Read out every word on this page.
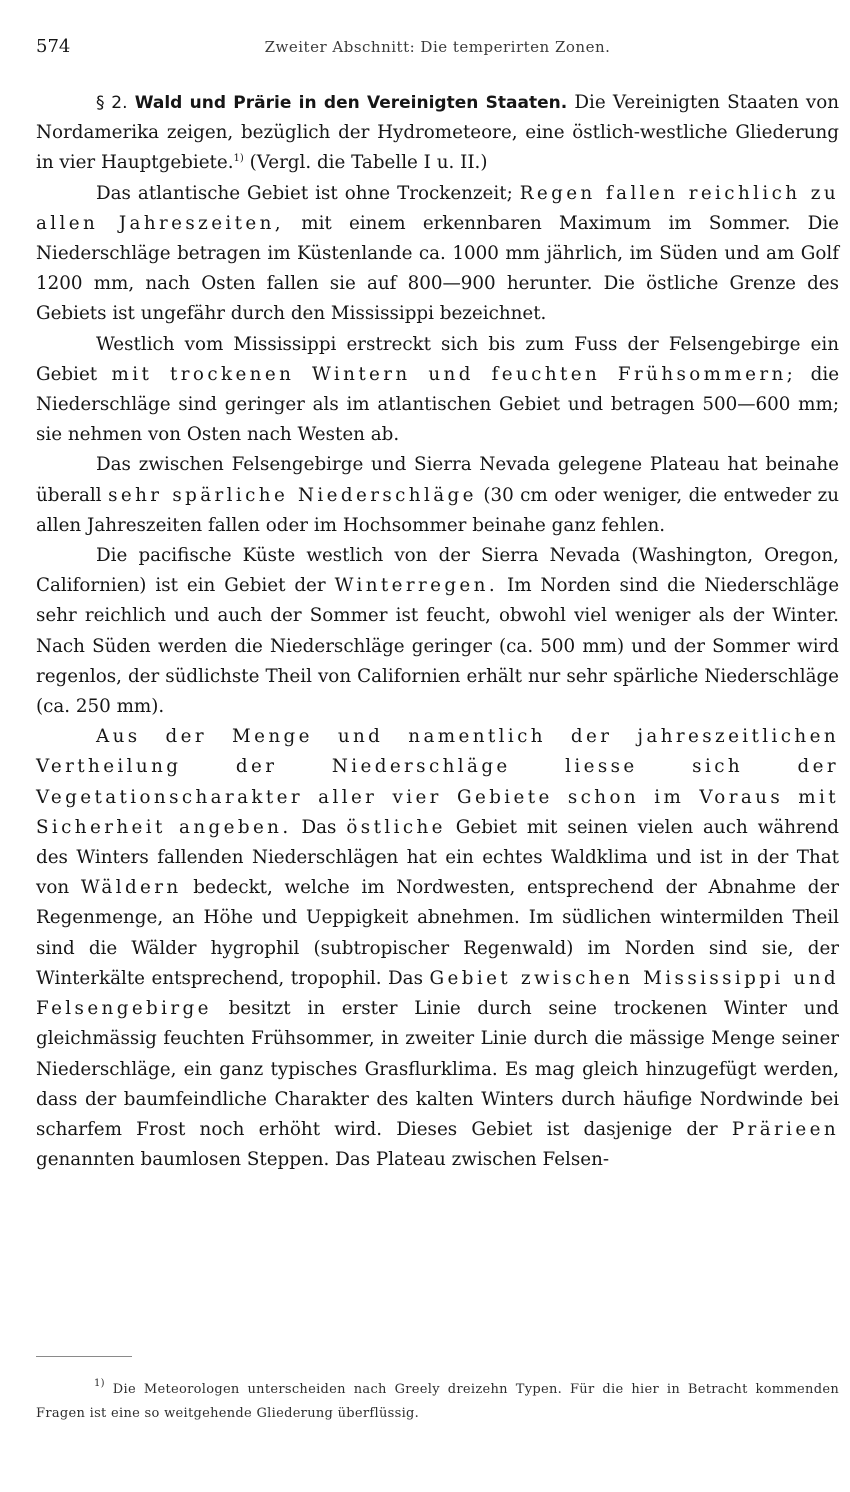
574	Zweiter Abschnitt: Die temperirten Zonen.

§ 2. Wald und Prärie in den Vereinigten Staaten. Die Vereinigten Staaten von Nordamerika zeigen, bezüglich der Hydrometeore, eine östlich-westliche Gliederung in vier Hauptgebiete.$^{1)}$ (Vergl. die Tabelle I u. II.)

Das atlantische Gebiet ist ohne Trockenzeit; Regen fallen reichlich zu allen Jahreszeiten, mit einem erkennbaren Maximum im Sommer. Die Niederschläge betragen im Küstenlande ca. 1000 mm jährlich, im Süden und am Golf 1200 mm, nach Osten fallen sie auf 800—900 herunter. Die östliche Grenze des Gebiets ist ungefähr durch den Mississippi bezeichnet.

Westlich vom Mississippi erstreckt sich bis zum Fuss der Felsengebirge ein Gebiet mit trockenen Wintern und feuchten Frühsommern; die Niederschläge sind geringer als im atlantischen Gebiet und betragen 500—600 mm; sie nehmen von Osten nach Westen ab.

Das zwischen Felsengebirge und Sierra Nevada gelegene Plateau hat beinahe überall sehr spärliche Niederschläge (30 cm oder weniger, die entweder zu allen Jahreszeiten fallen oder im Hochsommer beinahe ganz fehlen.

Die pacifische Küste westlich von der Sierra Nevada (Washington, Oregon, Californien) ist ein Gebiet der Winterregen. Im Norden sind die Niederschläge sehr reichlich und auch der Sommer ist feucht, obwohl viel weniger als der Winter. Nach Süden werden die Niederschläge geringer (ca. 500 mm) und der Sommer wird regenlos, der südlichste Theil von Californien erhält nur sehr spärliche Niederschläge (ca. 250 mm).

Aus der Menge und namentlich der jahreszeitlichen Vertheilung der Niederschläge liesse sich der Vegetationscharakter aller vier Gebiete schon im Voraus mit Sicherheit angeben. Das östliche Gebiet mit seinen vielen auch während des Winters fallenden Niederschlägen hat ein echtes Waldklima und ist in der That von Wäldern bedeckt, welche im Nordwesten, entsprechend der Abnahme der Regenmenge, an Höhe und Ueppigkeit abnehmen. Im südlichen wintermilden Theil sind die Wälder hygrophil (subtropischer Regenwald) im Norden sind sie, der Winterkälte entsprechend, tropophil. Das Gebiet zwischen Mississippi und Felsengebirge besitzt in erster Linie durch seine trockenen Winter und gleichmässig feuchten Frühsommer, in zweiter Linie durch die mässige Menge seiner Niederschläge, ein ganz typisches Grasflurklima. Es mag gleich hinzugefügt werden, dass der baumfeindliche Charakter des kalten Winters durch häufige Nordwinde bei scharfem Frost noch erhöht wird. Dieses Gebiet ist dasjenige der Prärieen genannten baumlosen Steppen. Das Plateau zwischen Felsen-

$^{1)}$ Die Meteorologen unterscheiden nach Greely dreizehn Typen. Für die hier in Betracht kommenden Fragen ist eine so weitgehende Gliederung überflüssig.
